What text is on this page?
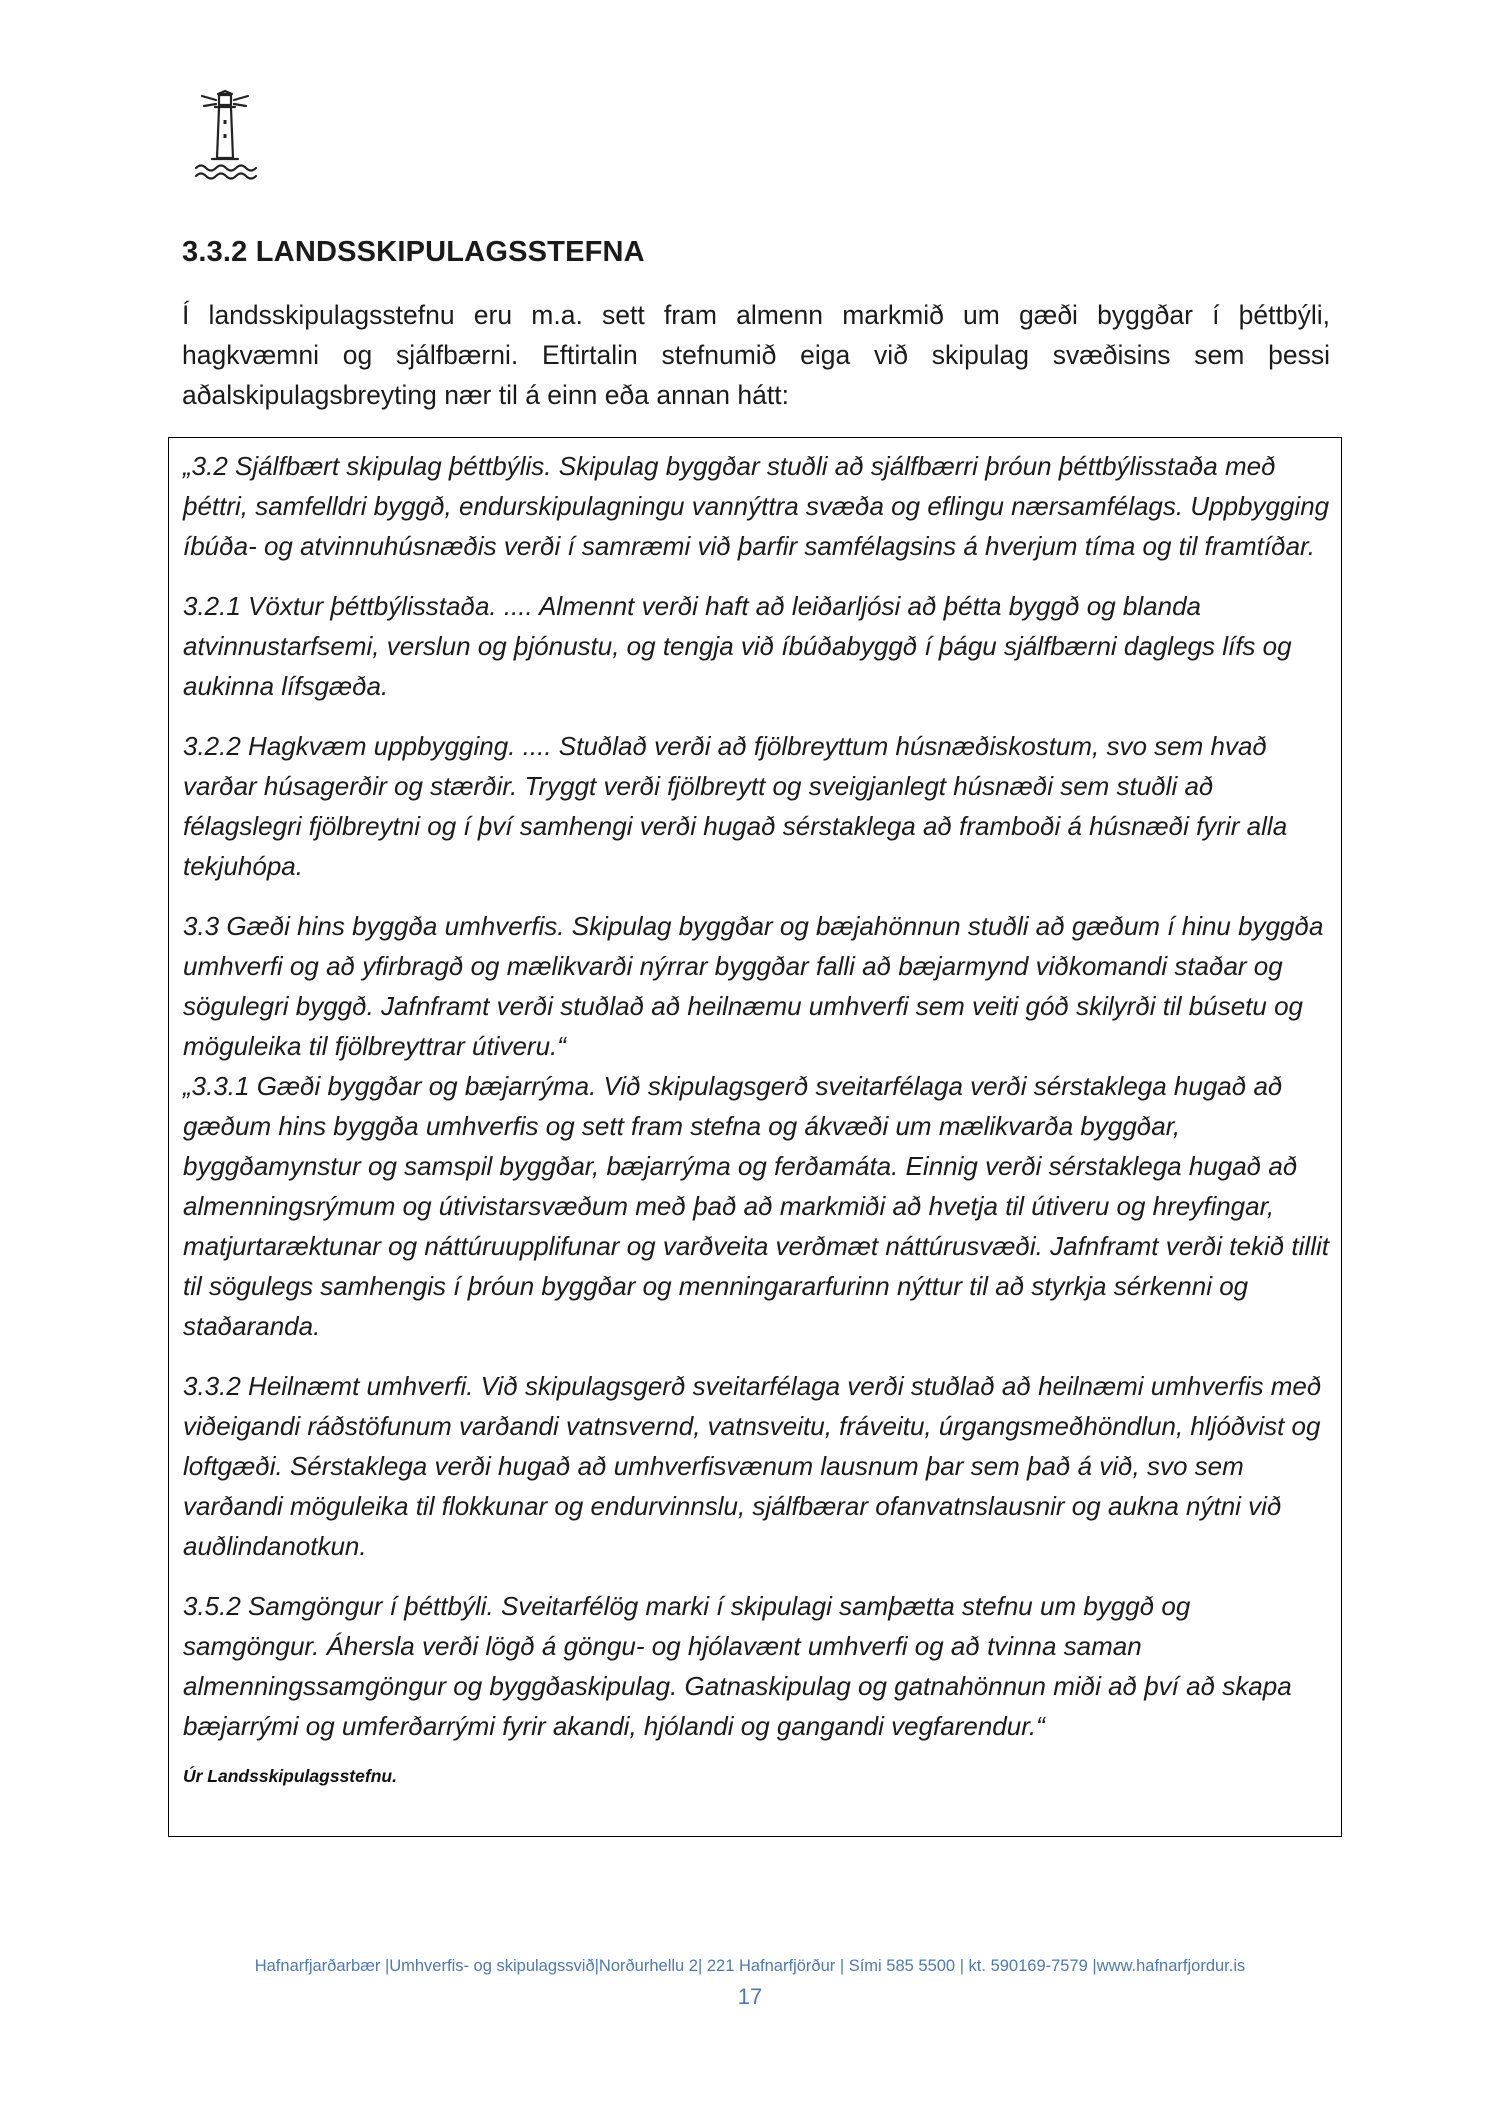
3.3.2 LANDSSKIPULAGSSTEFNA

Í landsskipulagsstefnu eru m.a. sett fram almenn markmið um gæði byggðar í þéttbýli, hagkvæmni og sjálfbærni. Eftirtalin stefnumið eiga við skipulag svæðisins sem þessi aðalskipulagsbreyting nær til á einn eða annan hátt:

„3.2 Sjálfbært skipulag þéttbýlis. Skipulag byggðar stuðli að sjálfbærri þróun þéttbýlisstaða með þéttri, samfelldri byggð, endurskipulagningu vannýttra svæða og eflingu nærsamfélags. Uppbygging íbúða- og atvinnuhúsnæðis verði í samræmi við þarfir samfélagsins á hverjum tíma og til framtíðar.

3.2.1 Vöxtur þéttbýlisstaða. .... Almennt verði haft að leiðarljósi að þétta byggð og blanda atvinnustarfsemi, verslun og þjónustu, og tengja við íbúðabyggð í þágu sjálfbærni daglegs lífs og aukinna lífsgæða.

3.2.2 Hagkvæm uppbygging. .... Stuðlað verði að fjölbreyttum húsnæðiskostum, svo sem hvað varðar húsagerðir og stærðir. Tryggt verði fjölbreytt og sveigjanlegt húsnæði sem stuðli að félagslegri fjölbreytni og í því samhengi verði hugað sérstaklega að framboði á húsnæði fyrir alla tekjuhópa.

3.3 Gæði hins byggða umhverfis. Skipulag byggðar og bæjahönnun stuðli að gæðum í hinu byggða umhverfi og að yfirbragð og mælikvarði nýrrar byggðar falli að bæjarmynd viðkomandi staðar og sögulegri byggð. Jafnframt verði stuðlað að heilnæmu umhverfi sem veiti góð skilyrði til búsetu og möguleika til fjölbreyttrar útiveru.“

„3.3.1 Gæði byggðar og bæjarrýma. Við skipulagsgerð sveitarfélaga verði sérstaklega hugað að gæðum hins byggða umhverfis og sett fram stefna og ákvæði um mælikvarða byggðar, byggðamynstur og samspil byggðar, bæjarrýma og ferðamáta. Einnig verði sérstaklega hugað að almenningsrýmum og útivistarsvæðum með það að markmiði að hvetja til útiveru og hreyfingar, matjurtaræktunar og náttúruupplifunar og varðveita verðmæt náttúrusvæði. Jafnframt verði tekið tillit til sögulegs samhengis í þróun byggðar og menningararfurinn nýttur til að styrkja sérkenni og staðaranda.

3.3.2 Heilnæmt umhverfi. Við skipulagsgerð sveitarfélaga verði stuðlað að heilnæmi umhverfis með viðeigandi ráðstöfunum varðandi vatnsvernd, vatnsveitu, fráveitu, úrgangsmeðhöndlun, hljóðvist og loftgæði. Sérstaklega verði hugað að umhverfisvænum lausnum þar sem það á við, svo sem varðandi möguleika til flokkunar og endurvinnslu, sjálfbærar ofanvatnslausnir og aukna nýtni við auðlindanotkun.

3.5.2 Samgöngur í þéttbýli. Sveitarfélög marki í skipulagi samþætta stefnu um byggð og samgöngur. Áhersla verði lögð á göngu- og hjólavænt umhverfi og að tvinna saman almenningssamgöngur og byggðaskipulag. Gatnaskipulag og gatnahönnun miði að því að skapa bæjarrými og umferðarrými fyrir akandi, hjólandi og gangandi vegfarendur.“

Úr Landsskipulagsstefnu.

Hafnarfjarðarbær |Umhverfis- og skipulagssvið|Norðurhellu 2| 221 Hafnarfjörður | Sími 585 5500 | kt. 590169-7579 |www.hafnarfjordur.is
17
